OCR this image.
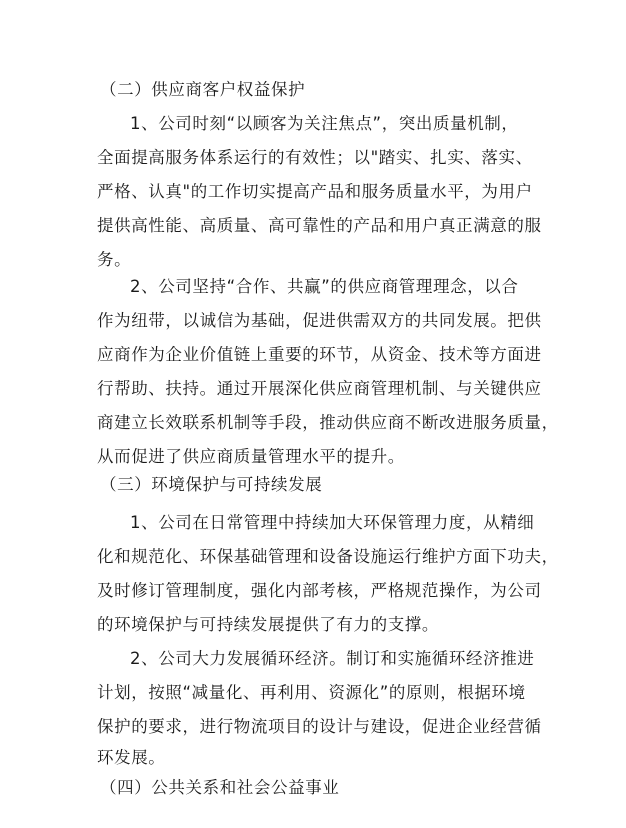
（二）供应商客户权益保护
1、公司时刻“以顾客为关注焦点”，突出质量机制，
全面提高服务体系运行的有效性；以"踏实、扎实、落实、
严格、认真"的工作切实提高产品和服务质量水平，为用户
提供高性能、高质量、高可靠性的产品和用户真正满意的服
务。
2、公司坚持“合作、共赢”的供应商管理理念，以合
作为纽带，以诚信为基础，促进供需双方的共同发展。把供
应商作为企业价值链上重要的环节，从资金、技术等方面进
行帮助、扶持。通过开展深化供应商管理机制、与关键供应
商建立长效联系机制等手段，推动供应商不断改进服务质量，
从而促进了供应商质量管理水平的提升。
（三）环境保护与可持续发展
1、公司在日常管理中持续加大环保管理力度，从精细
化和规范化、环保基础管理和设备设施运行维护方面下功夫，
及时修订管理制度，强化内部考核，严格规范操作，为公司
的环境保护与可持续发展提供了有力的支撑。
2、公司大力发展循环经济。制订和实施循环经济推进
计划，按照“减量化、再利用、资源化”的原则，根据环境
保护的要求，进行物流项目的设计与建设，促进企业经营循
环发展。
（四）公共关系和社会公益事业
